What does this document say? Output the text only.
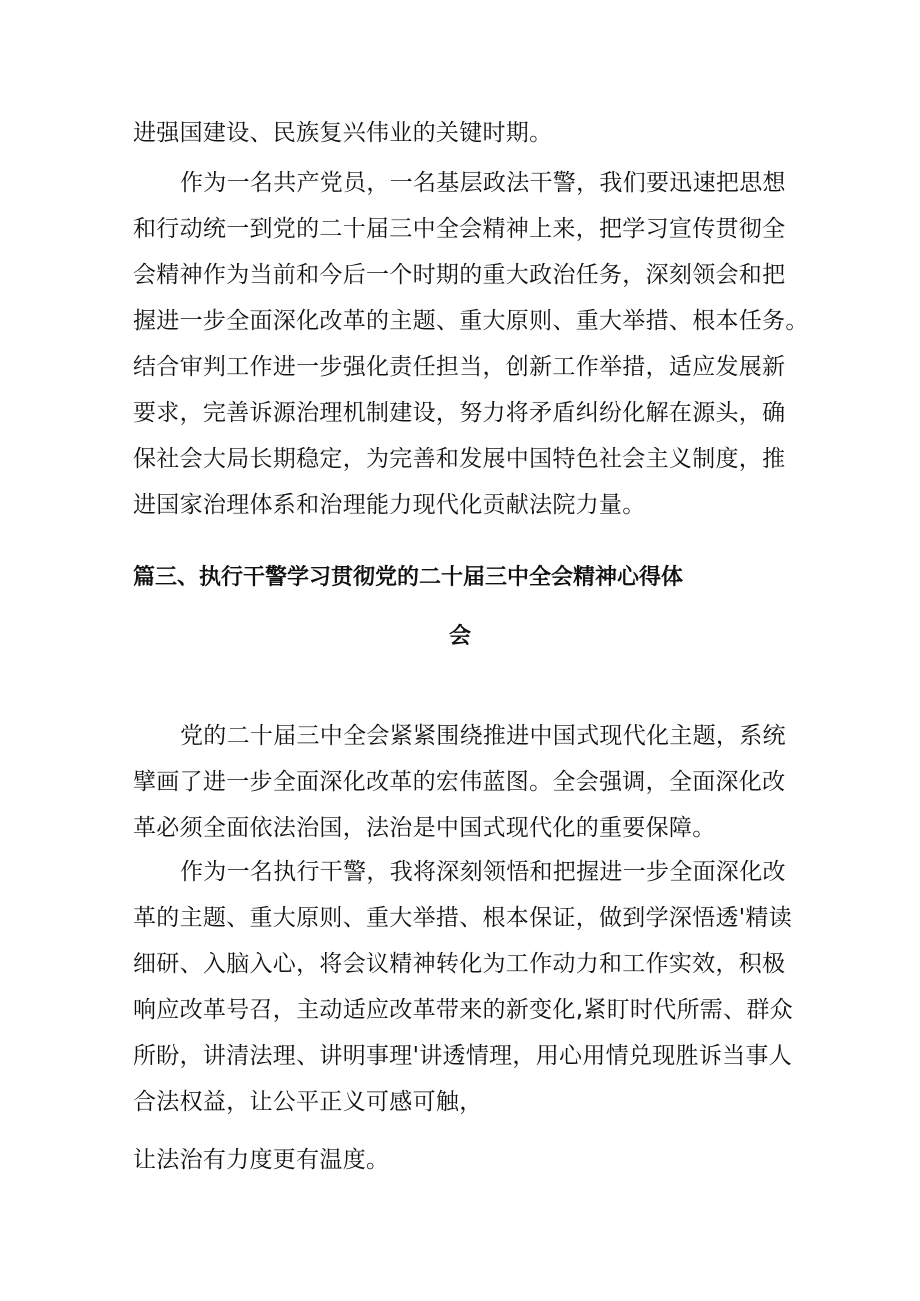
进强国建设、民族复兴伟业的关键时期。
作为一名共产党员，一名基层政法干警，我们要迅速把思想
和行动统一到党的二十届三中全会精神上来，把学习宣传贯彻全
会精神作为当前和今后一个时期的重大政治任务，深刻领会和把
握进一步全面深化改革的主题、重大原则、重大举措、根本任务。
结合审判工作进一步强化责任担当，创新工作举措，适应发展新
要求，完善诉源治理机制建设，努力将矛盾纠纷化解在源头，确
保社会大局长期稳定，为完善和发展中国特色社会主义制度，推
进国家治理体系和治理能力现代化贡献法院力量。
篇三、执行干警学习贯彻党的二十届三中全会精神心得体
会
党的二十届三中全会紧紧围绕推进中国式现代化主题，系统
擘画了进一步全面深化改革的宏伟蓝图。全会强调，全面深化改
革必须全面依法治国，法治是中国式现代化的重要保障。
作为一名执行干警，我将深刻领悟和把握进一步全面深化改
革的主题、重大原则、重大举措、根本保证，做到学深悟透'精读
细研、入脑入心，将会议精神转化为工作动力和工作实效，积极
响应改革号召，主动适应改革带来的新变化,紧盯时代所需、群众
所盼，讲清法理、讲明事理'讲透情理，用心用情兑现胜诉当事人
合法权益，让公平正义可感可触，
让法治有力度更有温度。
